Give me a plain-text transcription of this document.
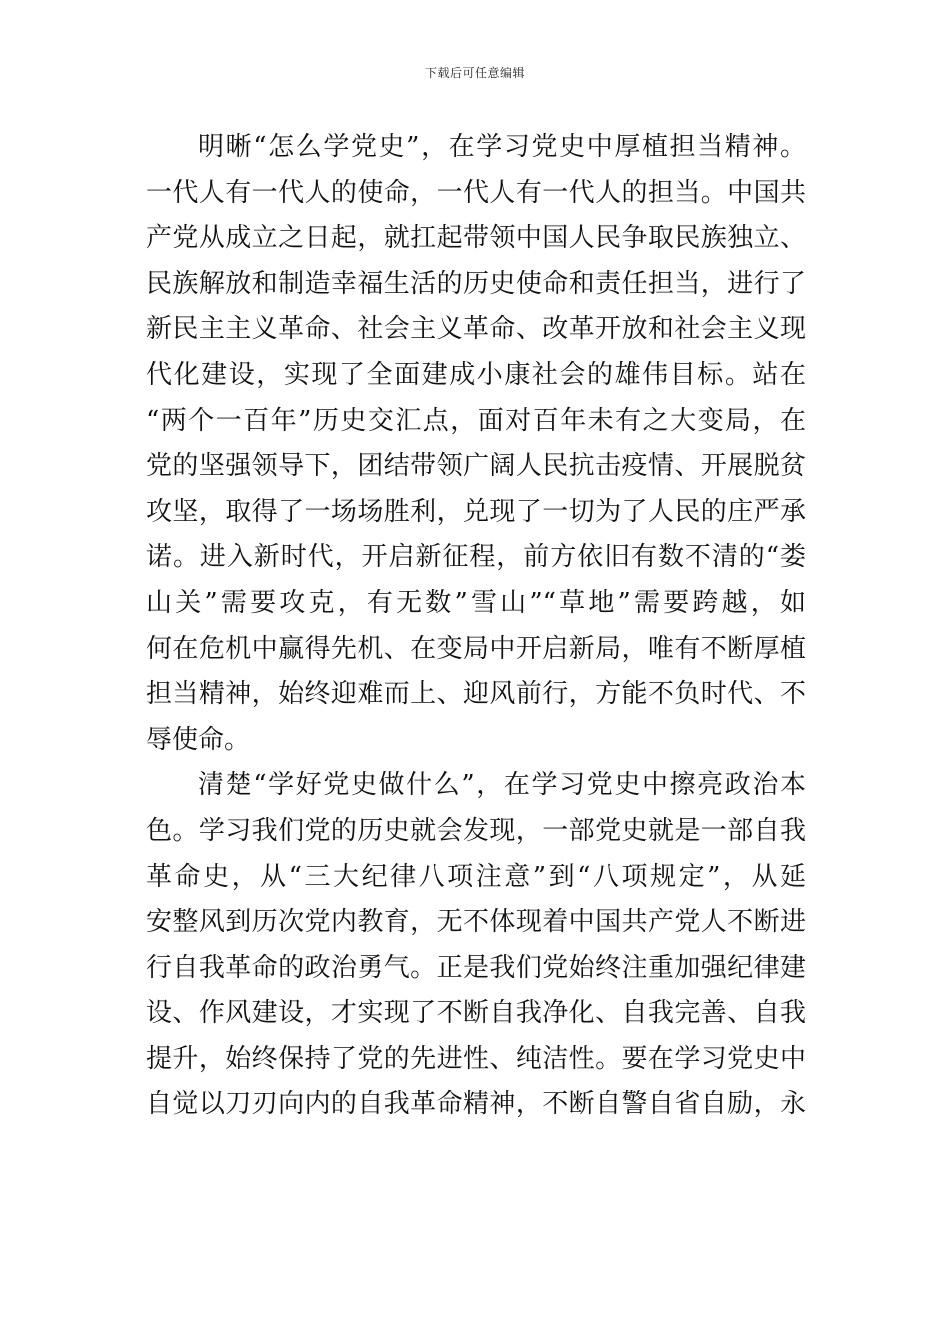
下载后可任意编辑
明晰“怎么学党史”，在学习党史中厚植担当精神。
一代人有一代人的使命，一代人有一代人的担当。中国共
产党从成立之日起，就扛起带领中国人民争取民族独立、
民族解放和制造幸福生活的历史使命和责任担当，进行了
新民主主义革命、社会主义革命、改革开放和社会主义现
代化建设，实现了全面建成小康社会的雄伟目标。站在
“两个一百年”历史交汇点，面对百年未有之大变局，在
党的坚强领导下，团结带领广阔人民抗击疫情、开展脱贫
攻坚，取得了一场场胜利，兑现了一切为了人民的庄严承
诺。进入新时代，开启新征程，前方依旧有数不清的“娄
山关”需要攻克，有无数”雪山”“草地”需要跨越，如
何在危机中赢得先机、在变局中开启新局，唯有不断厚植
担当精神，始终迎难而上、迎风前行，方能不负时代、不
辱使命。
清楚“学好党史做什么”，在学习党史中擦亮政治本
色。学习我们党的历史就会发现，一部党史就是一部自我
革命史，从“三大纪律八项注意”到“八项规定”，从延
安整风到历次党内教育，无不体现着中国共产党人不断进
行自我革命的政治勇气。正是我们党始终注重加强纪律建
设、作风建设，才实现了不断自我净化、自我完善、自我
提升，始终保持了党的先进性、纯洁性。要在学习党史中
自觉以刀刃向内的自我革命精神，不断自警自省自励，永
